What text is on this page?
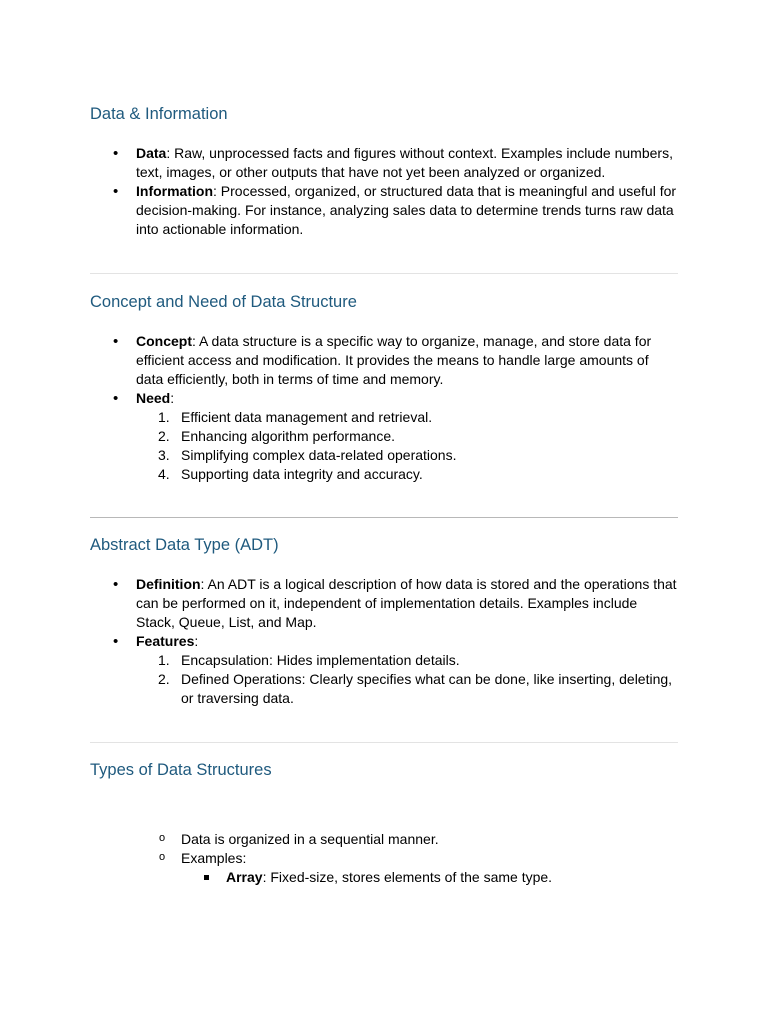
Data & Information
• Data: Raw, unprocessed facts and figures without context. Examples include numbers, text, images, or other outputs that have not yet been analyzed or organized.
• Information: Processed, organized, or structured data that is meaningful and useful for decision-making. For instance, analyzing sales data to determine trends turns raw data into actionable information.
Concept and Need of Data Structure
• Concept: A data structure is a specific way to organize, manage, and store data for efficient access and modification. It provides the means to handle large amounts of data efficiently, both in terms of time and memory.
• Need:
1. Efficient data management and retrieval.
2. Enhancing algorithm performance.
3. Simplifying complex data-related operations.
4. Supporting data integrity and accuracy.
Abstract Data Type (ADT)
• Definition: An ADT is a logical description of how data is stored and the operations that can be performed on it, independent of implementation details. Examples include Stack, Queue, List, and Map.
• Features:
1. Encapsulation: Hides implementation details.
2. Defined Operations: Clearly specifies what can be done, like inserting, deleting, or traversing data.
Types of Data Structures
o Data is organized in a sequential manner.
o Examples:
Array: Fixed-size, stores elements of the same type.
